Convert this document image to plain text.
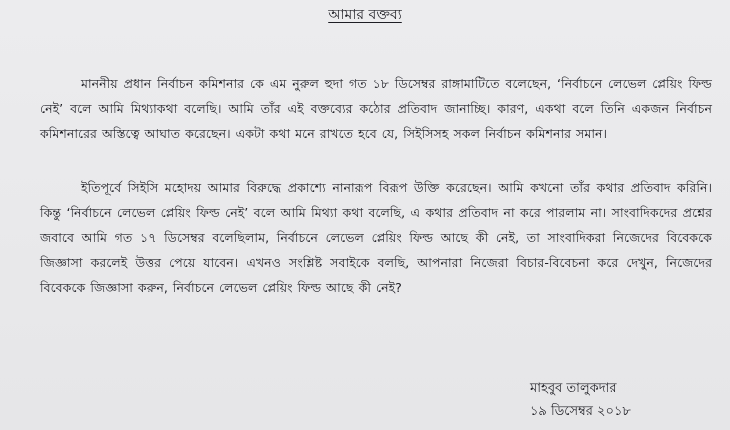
আমার বক্তব্য

মাননীয় প্রধান নির্বাচন কমিশনার কে এম নুরুল হুদা গত ১৮ ডিসেম্বর রাঙ্গামাটিতে বলেছেন, ‘নির্বাচনে লেভেল প্লেয়িং ফিল্ড নেই’ বলে আমি মিথ্যাকথা বলেছি। আমি তাঁর এই বক্তব্যের কঠোর প্রতিবাদ জানাচ্ছি। কারণ, একথা বলে তিনি একজন নির্বাচন কমিশনারের অস্তিত্বে আঘাত করেছেন। একটা কথা মনে রাখতে হবে যে, সিইসিসহ সকল নির্বাচন কমিশনার সমান।

ইতিপূর্বে সিইসি মহোদয় আমার বিরুদ্ধে প্রকাশ্যে নানারূপ বিরূপ উক্তি করেছেন। আমি কখনো তাঁর কথার প্রতিবাদ করিনি। কিন্তু ‘নির্বাচনে লেভেল প্লেয়িং ফিল্ড নেই’ বলে আমি মিথ্যা কথা বলেছি, এ কথার প্রতিবাদ না করে পারলাম না। সাংবাদিকদের প্রশ্নের জবাবে আমি গত ১৭ ডিসেম্বর বলেছিলাম, নির্বাচনে লেভেল প্লেয়িং ফিল্ড আছে কী নেই, তা সাংবাদিকরা নিজেদের বিবেককে জিজ্ঞাসা করলেই উত্তর পেয়ে যাবেন। এখনও সংশ্লিষ্ট সবাইকে বলছি, আপনারা নিজেরা বিচার-বিবেচনা করে দেখুন, নিজেদের বিবেককে জিজ্ঞাসা করুন, নির্বাচনে লেভেল প্লেয়িং ফিল্ড আছে কী নেই?

মাহবুব তালুকদার
১৯ ডিসেম্বর ২০১৮
